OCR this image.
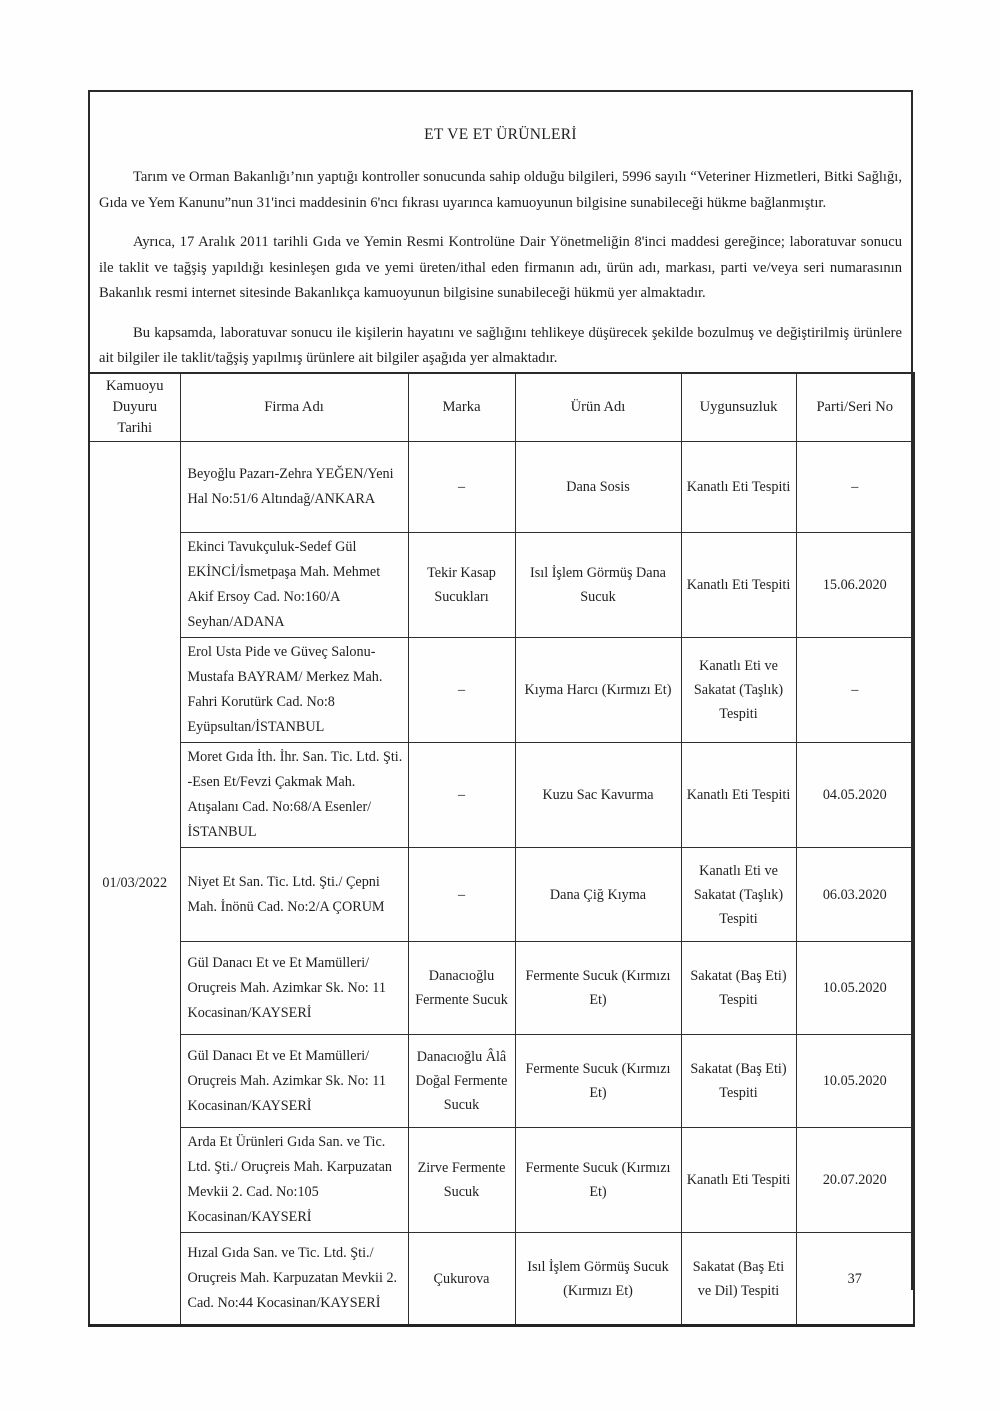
ET VE ET ÜRÜNLERİ

Tarım ve Orman Bakanlığı’nın yaptığı kontroller sonucunda sahip olduğu bilgileri, 5996 sayılı “Veteriner Hizmetleri, Bitki Sağlığı, Gıda ve Yem Kanunu”nun 31'inci maddesinin 6'ncı fıkrası uyarınca kamuoyunun bilgisine sunabileceği hükme bağlanmıştır.

Ayrıca, 17 Aralık 2011 tarihli Gıda ve Yemin Resmi Kontrolüne Dair Yönetmeliğin 8'inci maddesi gereğince; laboratuvar sonucu ile taklit ve tağşiş yapıldığı kesinleşen gıda ve yemi üreten/ithal eden firmanın adı, ürün adı, markası, parti ve/veya seri numarasının Bakanlık resmi internet sitesinde Bakanlıkça kamuoyunun bilgisine sunabileceği hükmü yer almaktadır.

Bu kapsamda, laboratuvar sonucu ile kişilerin hayatını ve sağlığını tehlikeye düşürecek şekilde bozulmuş ve değiştirilmiş ürünlere ait bilgiler ile taklit/tağşiş yapılmış ürünlere ait bilgiler aşağıda yer almaktadır.

Kamuoyu Duyuru Tarihi	Firma Adı	Marka	Ürün Adı	Uygunsuzluk	Parti/Seri No
01/03/2022	Beyoğlu Pazarı-Zehra YEĞEN/Yeni Hal No:51/6 Altındağ/ANKARA	–	Dana Sosis	Kanatlı Eti Tespiti	–
	Ekinci Tavukçuluk-Sedef Gül EKİNCİ/İsmetpaşa Mah. Mehmet Akif Ersoy Cad. No:160/A Seyhan/ADANA	Tekir Kasap Sucukları	Isıl İşlem Görmüş Dana Sucuk	Kanatlı Eti Tespiti	15.06.2020
	Erol Usta Pide ve Güveç Salonu-Mustafa BAYRAM/ Merkez Mah. Fahri Korutürk Cad. No:8 Eyüpsultan/İSTANBUL	–	Kıyma Harcı (Kırmızı Et)	Kanatlı Eti ve Sakatat (Taşlık) Tespiti	–
	Moret Gıda İth. İhr. San. Tic. Ltd. Şti. -Esen Et/Fevzi Çakmak Mah. Atışalanı Cad. No:68/A Esenler/İSTANBUL	–	Kuzu Sac Kavurma	Kanatlı Eti Tespiti	04.05.2020
	Niyet Et San. Tic. Ltd. Şti./ Çepni Mah. İnönü Cad. No:2/A ÇORUM	–	Dana Çiğ Kıyma	Kanatlı Eti ve Sakatat (Taşlık) Tespiti	06.03.2020
	Gül Danacı Et ve Et Mamülleri/ Oruçreis Mah. Azimkar Sk. No: 11 Kocasinan/KAYSERİ	Danacıoğlu Fermente Sucuk	Fermente Sucuk (Kırmızı Et)	Sakatat (Baş Eti) Tespiti	10.05.2020
	Gül Danacı Et ve Et Mamülleri/ Oruçreis Mah. Azimkar Sk. No: 11 Kocasinan/KAYSERİ	Danacıoğlu Âlâ Doğal Fermente Sucuk	Fermente Sucuk (Kırmızı Et)	Sakatat (Baş Eti) Tespiti	10.05.2020
	Arda Et Ürünleri Gıda San. ve Tic. Ltd. Şti./ Oruçreis Mah. Karpuzatan Mevkii 2. Cad. No:105 Kocasinan/KAYSERİ	Zirve Fermente Sucuk	Fermente Sucuk (Kırmızı Et)	Kanatlı Eti Tespiti	20.07.2020
	Hızal Gıda San. ve Tic. Ltd. Şti./ Oruçreis Mah. Karpuzatan Mevkii 2. Cad. No:44 Kocasinan/KAYSERİ	Çukurova	Isıl İşlem Görmüş Sucuk (Kırmızı Et)	Sakatat (Baş Eti ve Dil) Tespiti	37
